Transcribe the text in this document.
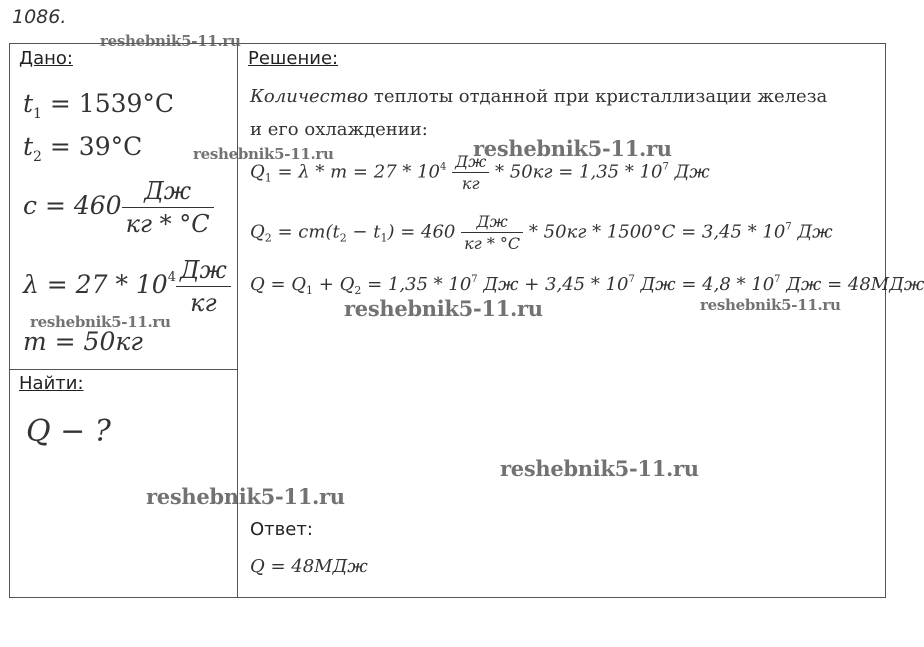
1086.
Дано:
$t_1 = 1539^\circ C$
$t_2 = 39^\circ C$
$c = 460 \frac{Дж}{кг * ^\circ C}$
$\lambda = 27 * 10^4 \frac{Дж}{кг}$
m = 50кг
Найти:
Q − ?
Решение:
Количество теплоты отданной при кристаллизации железа
и его охлаждении:
$Q_1 = \lambda * m = 27 * 10^4 \frac{Дж}{кг} * 50кг = 1,35 * 10^7$ Дж
$Q_2 = cm(t_2 - t_1) = 460 \frac{Дж}{кг * ^\circ C} * 50кг * 1500^\circ C = 3,45 * 10^7$ Дж
$Q = Q_1 + Q_2 = 1,35 * 10^7$ Дж + $3,45 * 10^7$ Дж = $4,8 * 10^7$ Дж = 48МДж
Ответ:
Q = 48МДж
reshebnik5-11.ru
reshebnik5-11.ru	reshebnik5-11.ru
reshebnik5-11.ru
reshebnik5-11.ru	reshebnik5-11.ru
reshebnik5-11.ru
reshebnik5-11.ru
